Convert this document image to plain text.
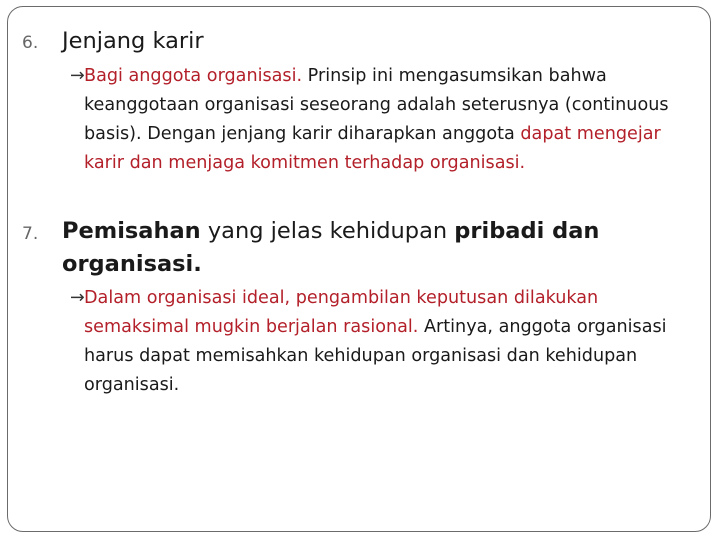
6. Jenjang karir
→ Bagi anggota organisasi. Prinsip ini mengasumsikan bahwa keanggotaan organisasi seseorang adalah seterusnya (continuous basis). Dengan jenjang karir diharapkan anggota dapat mengejar karir dan menjaga komitmen terhadap organisasi.
7. Pemisahan yang jelas kehidupan pribadi dan organisasi.
→ Dalam organisasi ideal, pengambilan keputusan dilakukan semaksimal mugkin berjalan rasional. Artinya, anggota organisasi harus dapat memisahkan kehidupan organisasi dan kehidupan organisasi.
